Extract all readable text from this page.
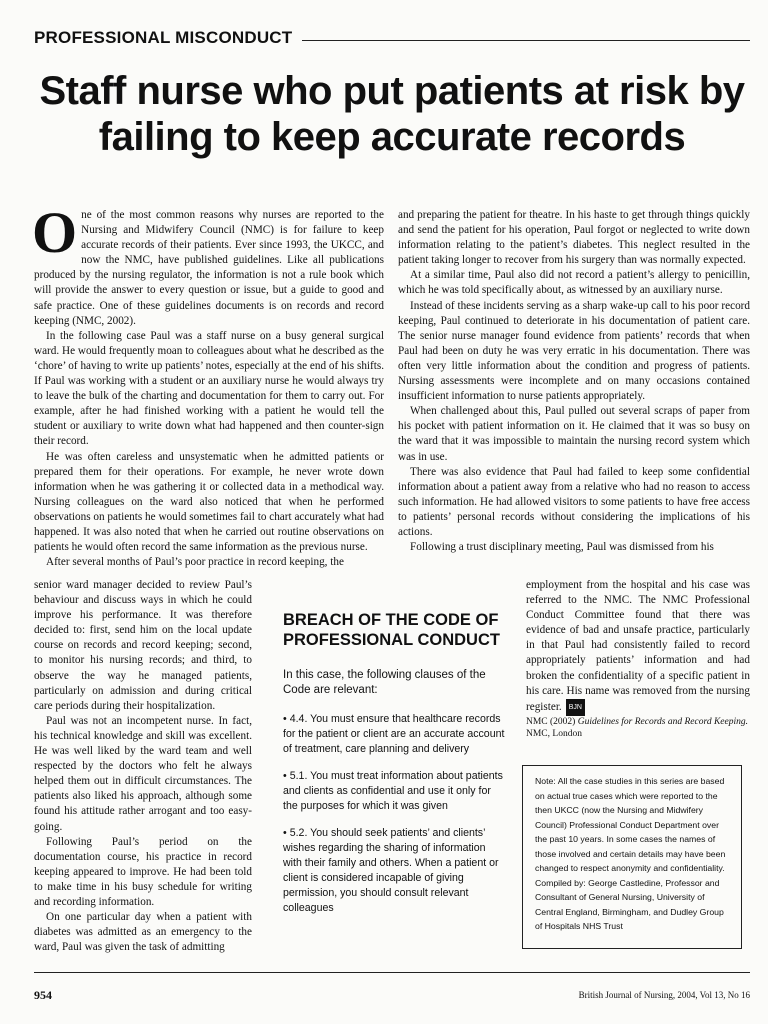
PROFESSIONAL MISCONDUCT
Staff nurse who put patients at risk by failing to keep accurate records

One of the most common reasons why nurses are reported to the Nursing and Midwifery Council (NMC) is for failure to keep accurate records of their patients. Ever since 1993, the UKCC, and now the NMC, have published guidelines. Like all publications produced by the nursing regulator, the information is not a rule book which will provide the answer to every question or issue, but a guide to good and safe practice. One of these guidelines documents is on records and record keeping (NMC, 2002).

In the following case Paul was a staff nurse on a busy general surgical ward. He would frequently moan to colleagues about what he described as the ‘chore’ of having to write up patients’ notes, especially at the end of his shifts. If Paul was working with a student or an auxiliary nurse he would always try to leave the bulk of the charting and documentation for them to carry out. For example, after he had finished working with a patient he would tell the student or auxiliary to write down what had happened and then counter-sign their record.

He was often careless and unsystematic when he admitted patients or prepared them for their operations. For example, he never wrote down information when he was gathering it or collected data in a methodical way. Nursing colleagues on the ward also noticed that when he performed observations on patients he would sometimes fail to chart accurately what had happened. It was also noted that when he carried out routine observations on patients he would often record the same information as the previous nurse.

After several months of Paul’s poor practice in record keeping, the

senior ward manager decided to review Paul’s behaviour and discuss ways in which he could improve his performance. It was therefore decided to: first, send him on the local update course on records and record keeping; second, to monitor his nursing records; and third, to observe the way he managed patients, particularly on admission and during critical care periods during their hospitalization.

Paul was not an incompetent nurse. In fact, his technical knowledge and skill was excellent. He was well liked by the ward team and well respected by the doctors who felt he always helped them out in difficult circumstances. The patients also liked his approach, although some found his attitude rather arrogant and too easy-going.

Following Paul’s period on the documentation course, his practice in record keeping appeared to improve. He had been told to make time in his busy schedule for writing and recording information.

On one particular day when a patient with diabetes was admitted as an emergency to the ward, Paul was given the task of admitting

and preparing the patient for theatre. In his haste to get through things quickly and send the patient for his operation, Paul forgot or neglected to write down information relating to the patient’s diabetes. This neglect resulted in the patient taking longer to recover from his surgery than was normally expected.

At a similar time, Paul also did not record a patient’s allergy to penicillin, which he was told specifically about, as witnessed by an auxiliary nurse.

Instead of these incidents serving as a sharp wake-up call to his poor record keeping, Paul continued to deteriorate in his documentation of patient care. The senior nurse manager found evidence from patients’ records that when Paul had been on duty he was very erratic in his documentation. There was often very little information about the condition and progress of patients. Nursing assessments were incomplete and on many occasions contained insufficient information to nurse patients appropriately.

When challenged about this, Paul pulled out several scraps of paper from his pocket with patient information on it. He claimed that it was so busy on the ward that it was impossible to maintain the nursing record system which was in use.

There was also evidence that Paul had failed to keep some confidential information about a patient away from a relative who had no reason to access such information. He had allowed visitors to some patients to have free access to patients’ personal records without considering the implications of his actions.

Following a trust disciplinary meeting, Paul was dismissed from his

employment from the hospital and his case was referred to the NMC. The NMC Professional Conduct Committee found that there was evidence of bad and unsafe practice, particularly in that Paul had consistently failed to record appropriately patients’ information and had broken the confidentiality of a specific patient in his care. His name was removed from the nursing register. BJN

BREACH OF THE CODE OF PROFESSIONAL CONDUCT

In this case, the following clauses of the Code are relevant:

• 4.4. You must ensure that healthcare records for the patient or client are an accurate account of treatment, care planning and delivery
• 5.1. You must treat information about patients and clients as confidential and use it only for the purposes for which it was given
• 5.2. You should seek patients’ and clients’ wishes regarding the sharing of information with their family and others. When a patient or client is considered incapable of giving permission, you should consult relevant colleagues
NMC (2002) Guidelines for Records and Record Keeping. NMC, London
Note: All the case studies in this series are based on actual true cases which were reported to the then UKCC (now the Nursing and Midwifery Council) Professional Conduct Department over the past 10 years. In some cases the names of those involved and certain details may have been changed to respect anonymity and confidentiality. Compiled by: George Castledine, Professor and Consultant of General Nursing, University of Central England, Birmingham, and Dudley Group of Hospitals NHS Trust
954	British Journal of Nursing, 2004, Vol 13, No 16
